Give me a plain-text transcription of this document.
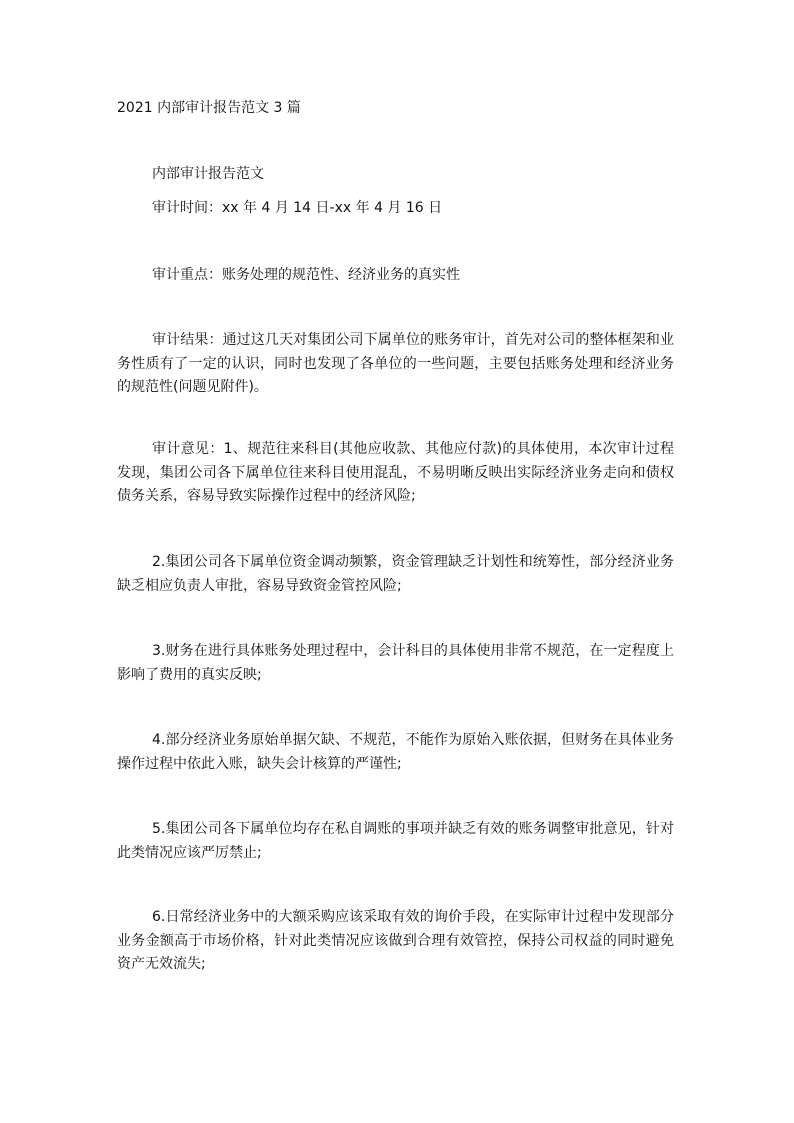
2021 内部审计报告范文 3 篇
内部审计报告范文
审计时间：xx 年 4 月 14 日-xx 年 4 月 16 日
审计重点：账务处理的规范性、经济业务的真实性
审计结果：通过这几天对集团公司下属单位的账务审计，首先对公司的整体框架和业务性质有了一定的认识，同时也发现了各单位的一些问题，主要包括账务处理和经济业务的规范性(问题见附件)。
审计意见：1、规范往来科目(其他应收款、其他应付款)的具体使用，本次审计过程发现，集团公司各下属单位往来科目使用混乱，不易明晰反映出实际经济业务走向和债权债务关系，容易导致实际操作过程中的经济风险;
2.集团公司各下属单位资金调动频繁，资金管理缺乏计划性和统筹性，部分经济业务缺乏相应负责人审批，容易导致资金管控风险;
3.财务在进行具体账务处理过程中，会计科目的具体使用非常不规范，在一定程度上影响了费用的真实反映;
4.部分经济业务原始单据欠缺、不规范，不能作为原始入账依据，但财务在具体业务操作过程中依此入账，缺失会计核算的严谨性;
5.集团公司各下属单位均存在私自调账的事项并缺乏有效的账务调整审批意见，针对此类情况应该严厉禁止;
6.日常经济业务中的大额采购应该采取有效的询价手段，在实际审计过程中发现部分业务金额高于市场价格，针对此类情况应该做到合理有效管控，保持公司权益的同时避免资产无效流失;
